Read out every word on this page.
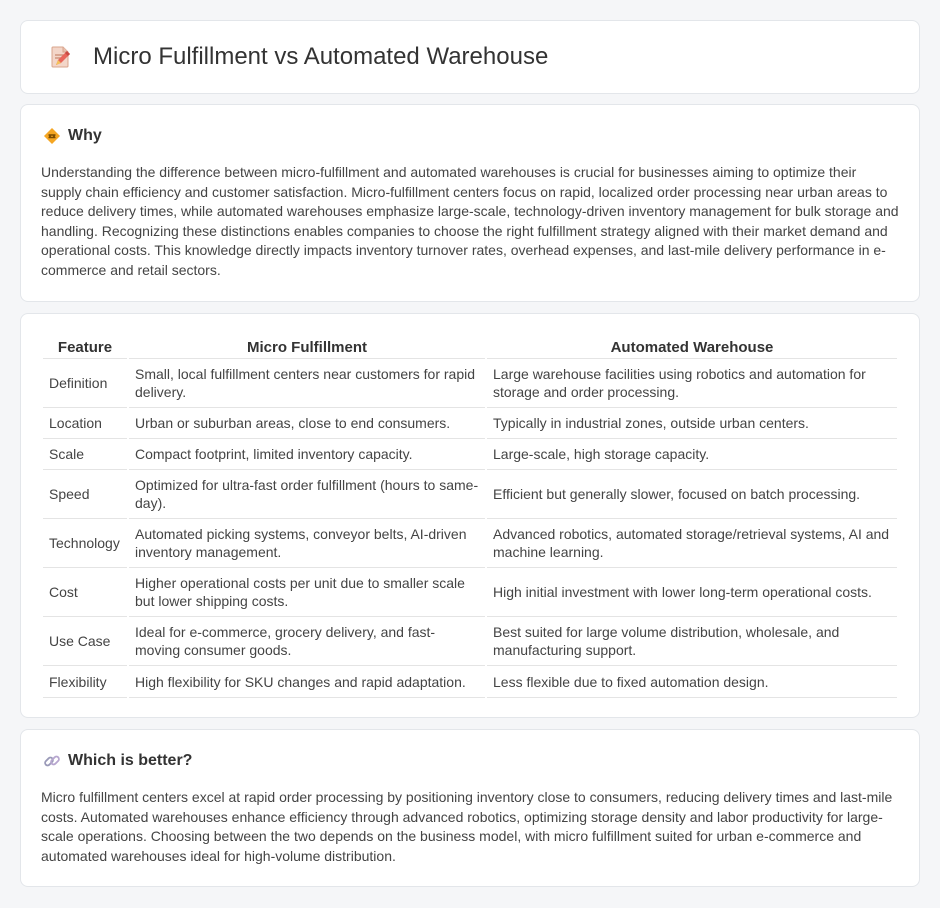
Micro Fulfillment vs Automated Warehouse
Why

Understanding the difference between micro-fulfillment and automated warehouses is crucial for businesses aiming to optimize their supply chain efficiency and customer satisfaction. Micro-fulfillment centers focus on rapid, localized order processing near urban areas to reduce delivery times, while automated warehouses emphasize large-scale, technology-driven inventory management for bulk storage and handling. Recognizing these distinctions enables companies to choose the right fulfillment strategy aligned with their market demand and operational costs. This knowledge directly impacts inventory turnover rates, overhead expenses, and last-mile delivery performance in e-commerce and retail sectors.

Feature	Micro Fulfillment	Automated Warehouse
Definition	Small, local fulfillment centers near customers for rapid delivery.	Large warehouse facilities using robotics and automation for storage and order processing.
Location	Urban or suburban areas, close to end consumers.	Typically in industrial zones, outside urban centers.
Scale	Compact footprint, limited inventory capacity.	Large-scale, high storage capacity.
Speed	Optimized for ultra-fast order fulfillment (hours to same-day).	Efficient but generally slower, focused on batch processing.
Technology	Automated picking systems, conveyor belts, AI-driven inventory management.	Advanced robotics, automated storage/retrieval systems, AI and machine learning.
Cost	Higher operational costs per unit due to smaller scale but lower shipping costs.	High initial investment with lower long-term operational costs.
Use Case	Ideal for e-commerce, grocery delivery, and fast-moving consumer goods.	Best suited for large volume distribution, wholesale, and manufacturing support.
Flexibility	High flexibility for SKU changes and rapid adaptation.	Less flexible due to fixed automation design.
Which is better?

Micro fulfillment centers excel at rapid order processing by positioning inventory close to consumers, reducing delivery times and last-mile costs. Automated warehouses enhance efficiency through advanced robotics, optimizing storage density and labor productivity for large-scale operations. Choosing between the two depends on the business model, with micro fulfillment suited for urban e-commerce and automated warehouses ideal for high-volume distribution.
